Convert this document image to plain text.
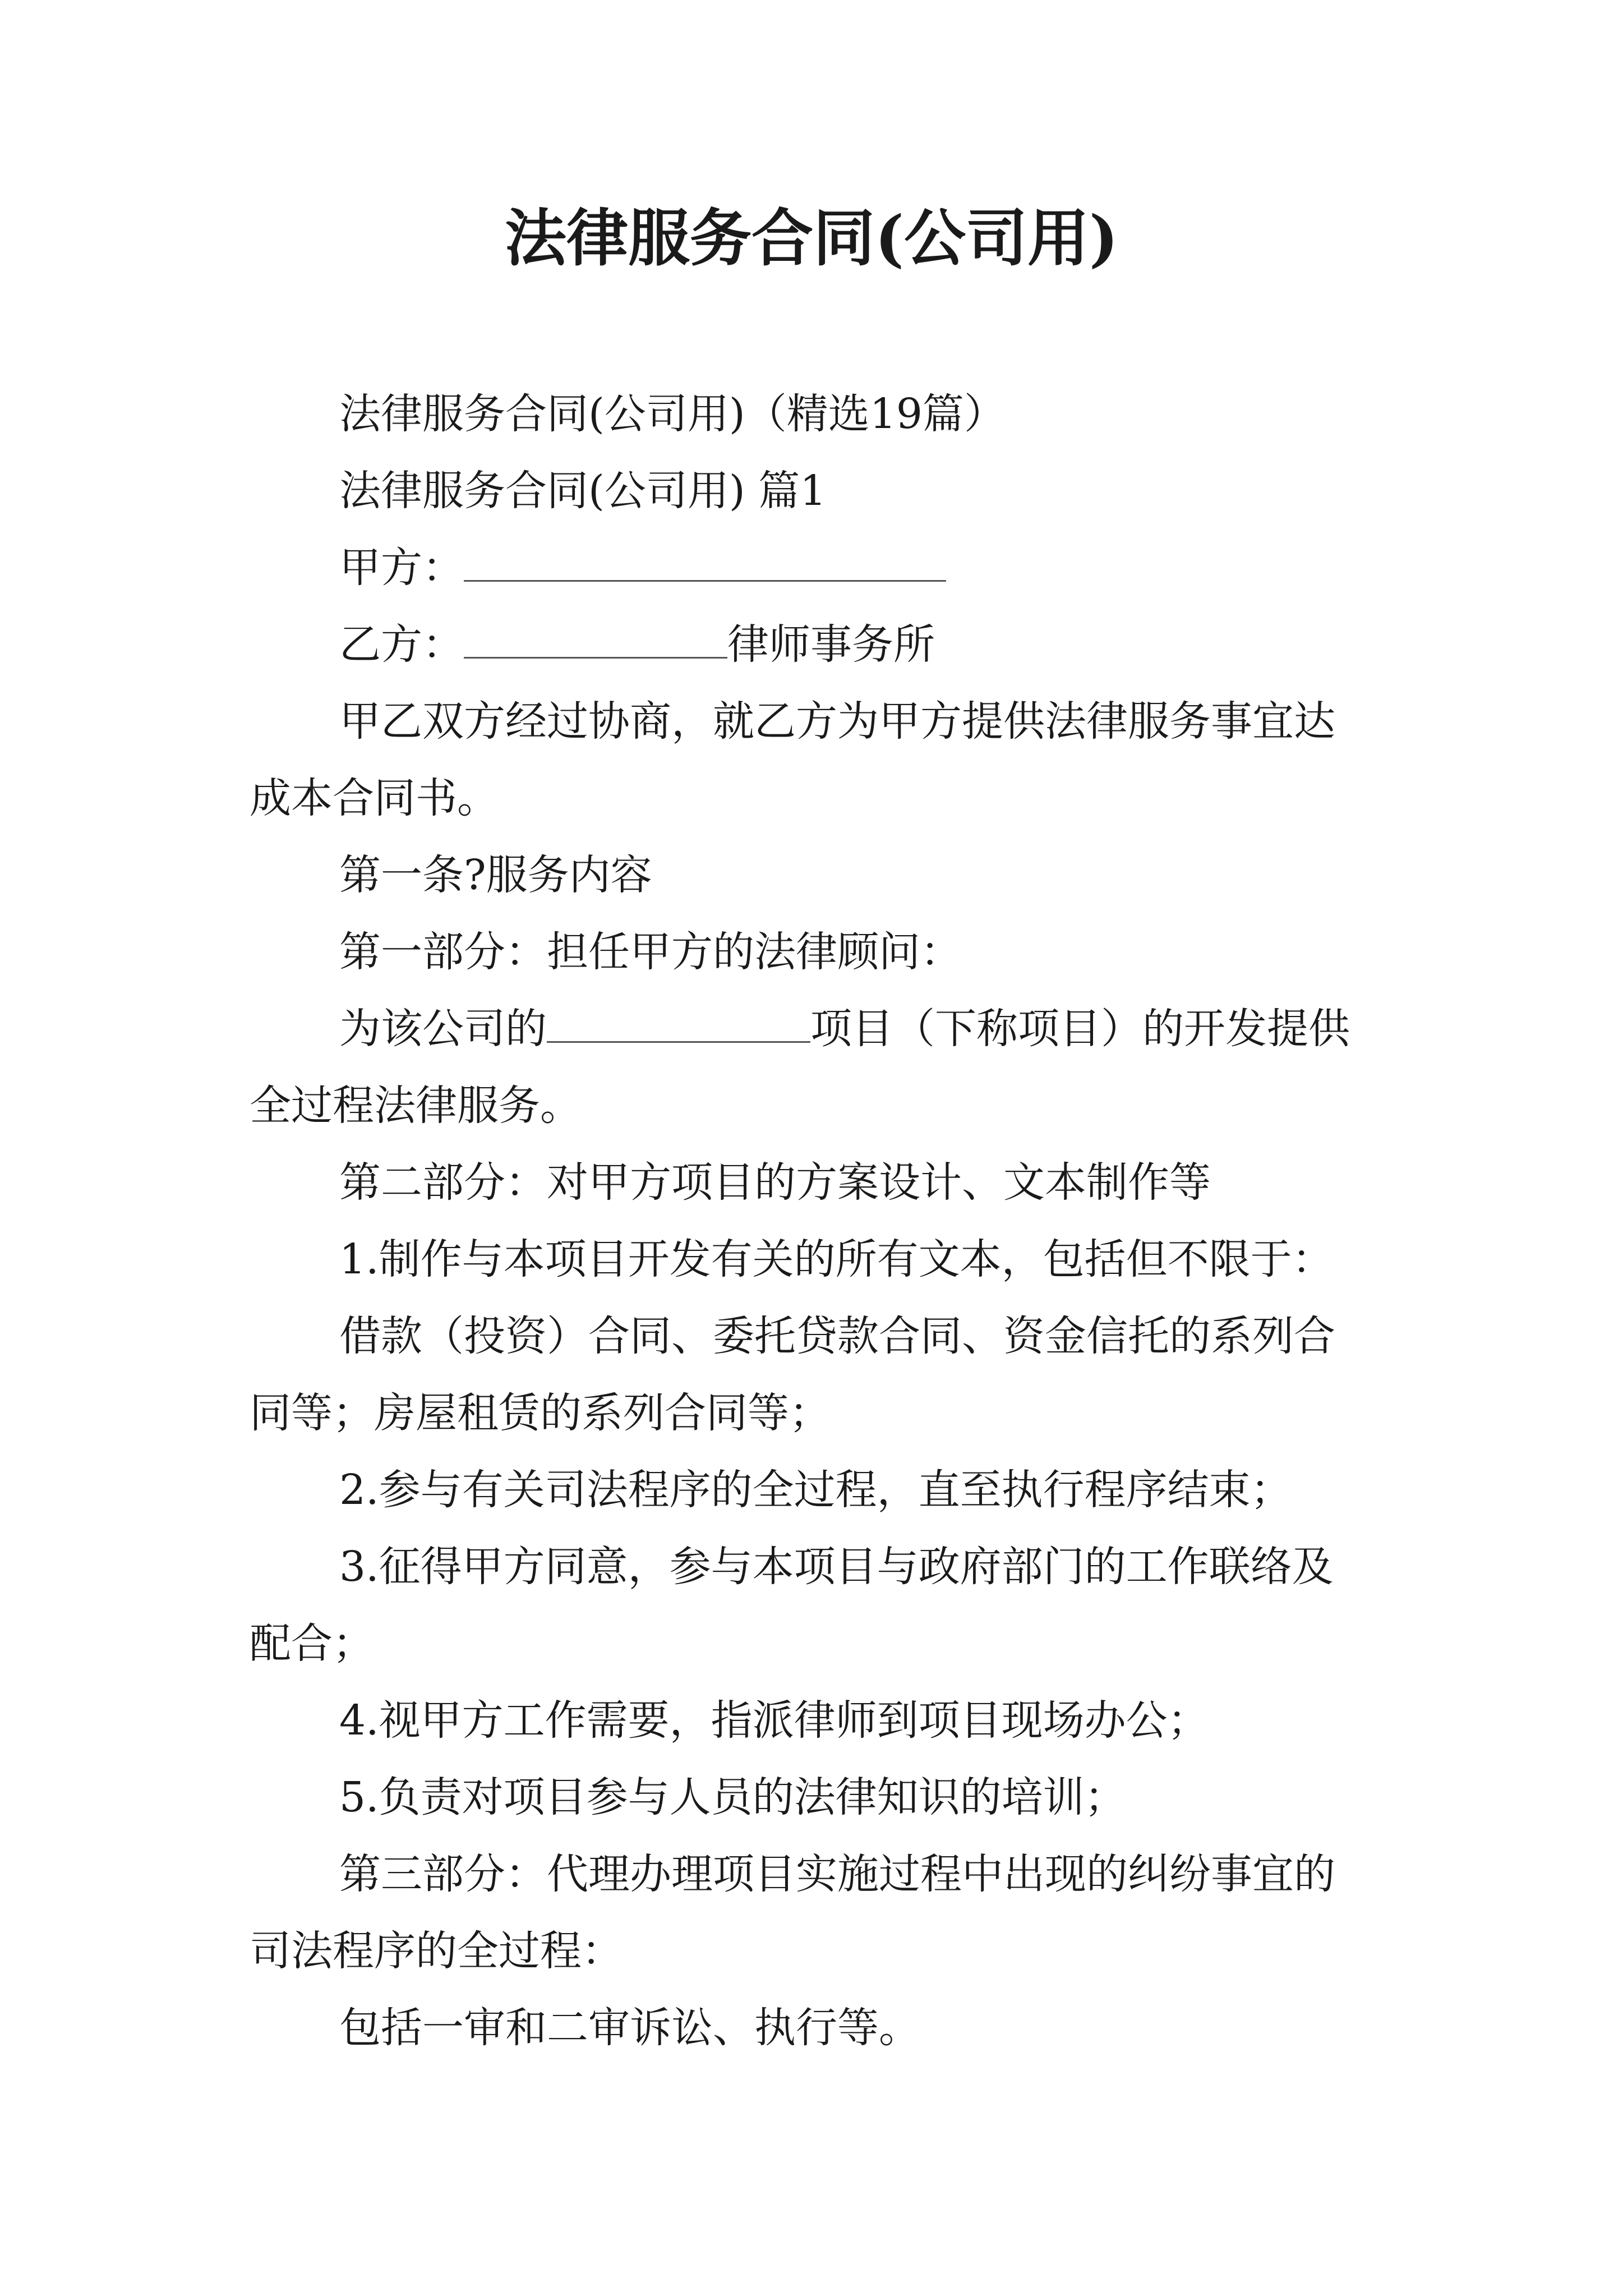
法律服务合同(公司用)
法律服务合同(公司用)（精选19篇）
法律服务合同(公司用) 篇1
甲方：
乙方：	律师事务所
甲乙双方经过协商，就乙方为甲方提供法律服务事宜达
成本合同书。
第一条?服务内容
第一部分：担任甲方的法律顾问：
为该公司的	项目（下称项目）的开发提供
全过程法律服务。
第二部分：对甲方项目的方案设计、文本制作等
1.制作与本项目开发有关的所有文本，包括但不限于：
借款（投资）合同、委托贷款合同、资金信托的系列合
同等；房屋租赁的系列合同等；
2.参与有关司法程序的全过程，直至执行程序结束；
3.征得甲方同意，参与本项目与政府部门的工作联络及
配合；
4.视甲方工作需要，指派律师到项目现场办公；
5.负责对项目参与人员的法律知识的培训；
第三部分：代理办理项目实施过程中出现的纠纷事宜的
司法程序的全过程：
包括一审和二审诉讼、执行等。
